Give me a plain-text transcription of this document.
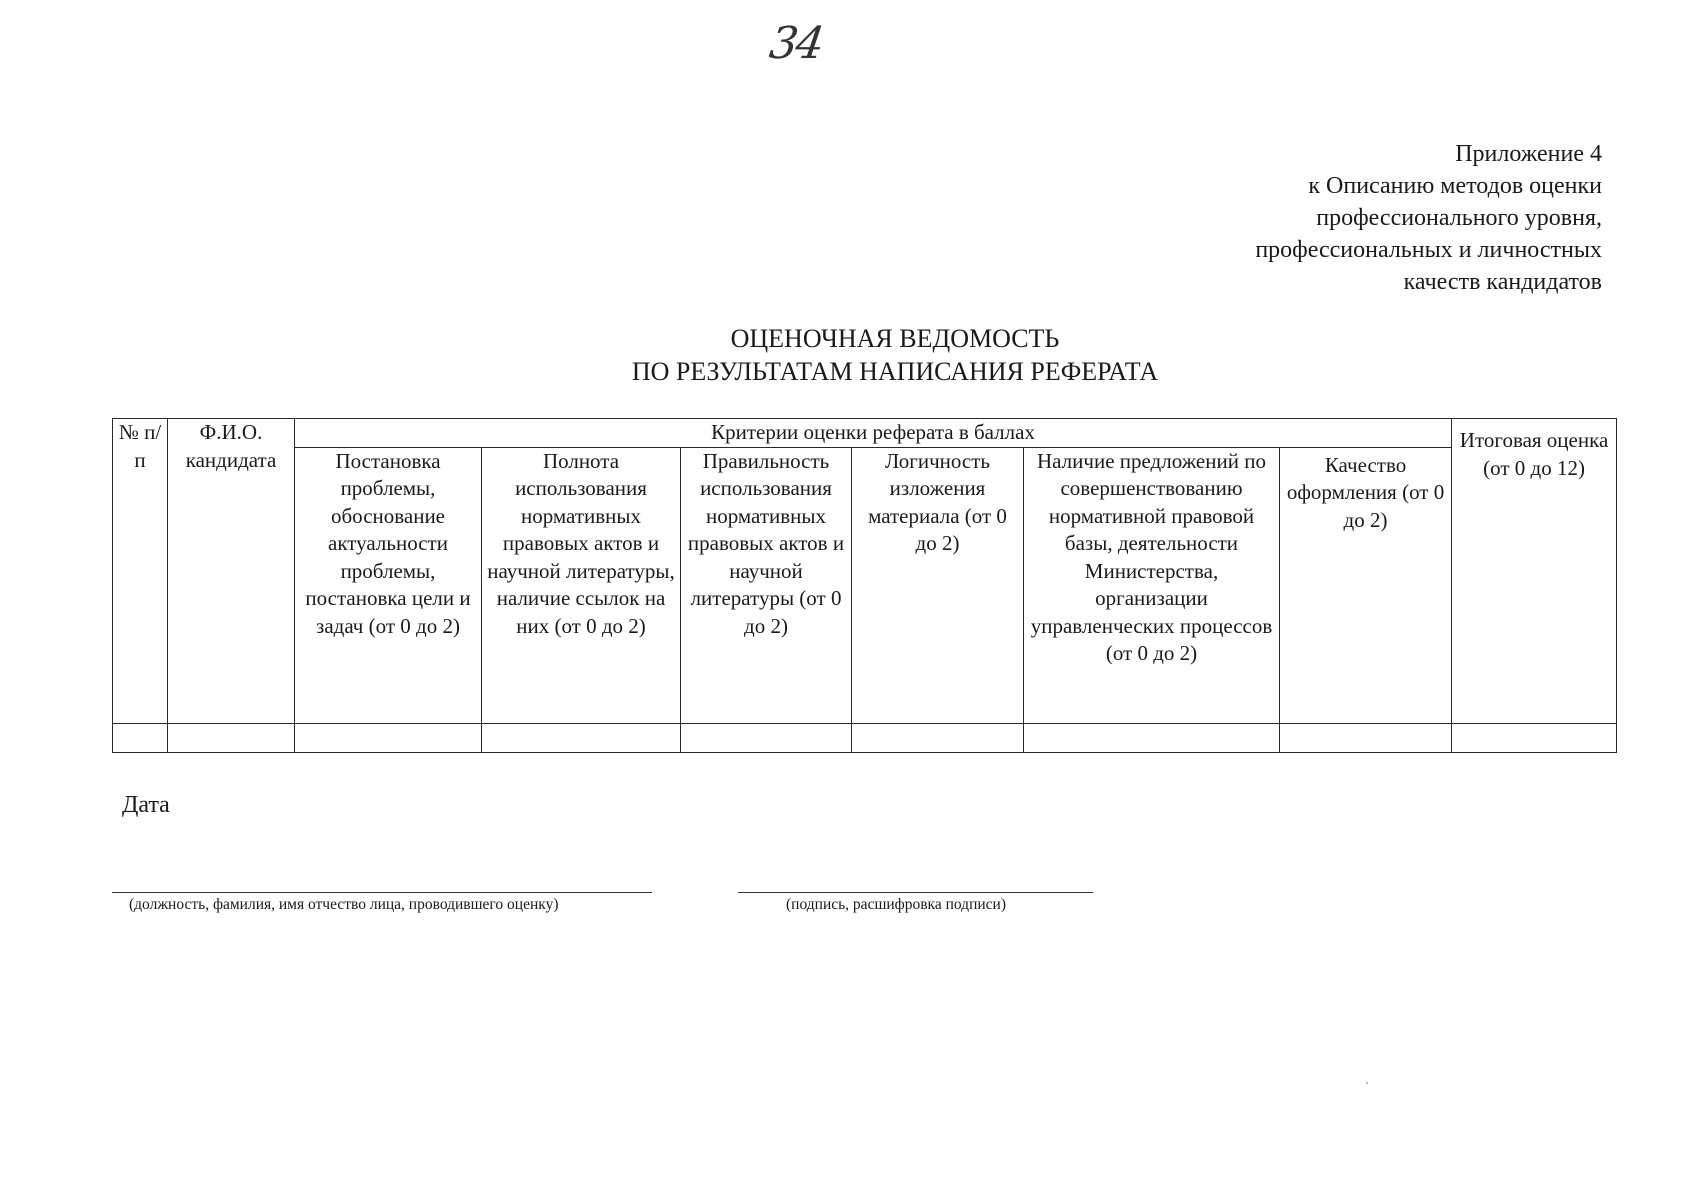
34
Приложение 4
к Описанию методов оценки
профессионального уровня,
профессиональных и личностных
качеств кандидатов
ОЦЕНОЧНАЯ ВЕДОМОСТЬ
ПО РЕЗУЛЬТАТАМ НАПИСАНИЯ РЕФЕРАТА
№ п/п	Ф.И.О. кандидата	Критерии оценки реферата в баллах						Итоговая оценка (от 0 до 12)
		Постановка проблемы, обоснование актуальности проблемы, постановка цели и задач (от 0 до 2)	Полнота использования нормативных правовых актов и научной литературы, наличие ссылок на них (от 0 до 2)	Правильность использования нормативных правовых актов и научной литературы (от 0 до 2)	Логичность изложения материала (от 0 до 2)	Наличие предложений по совершенствованию нормативной правовой базы, деятельности Министерства, организации управленческих процессов (от 0 до 2)	Качество оформления (от 0 до 2)	

Дата
(должность, фамилия, имя отчество лица, проводившего оценку)	(подпись, расшифровка подписи)
